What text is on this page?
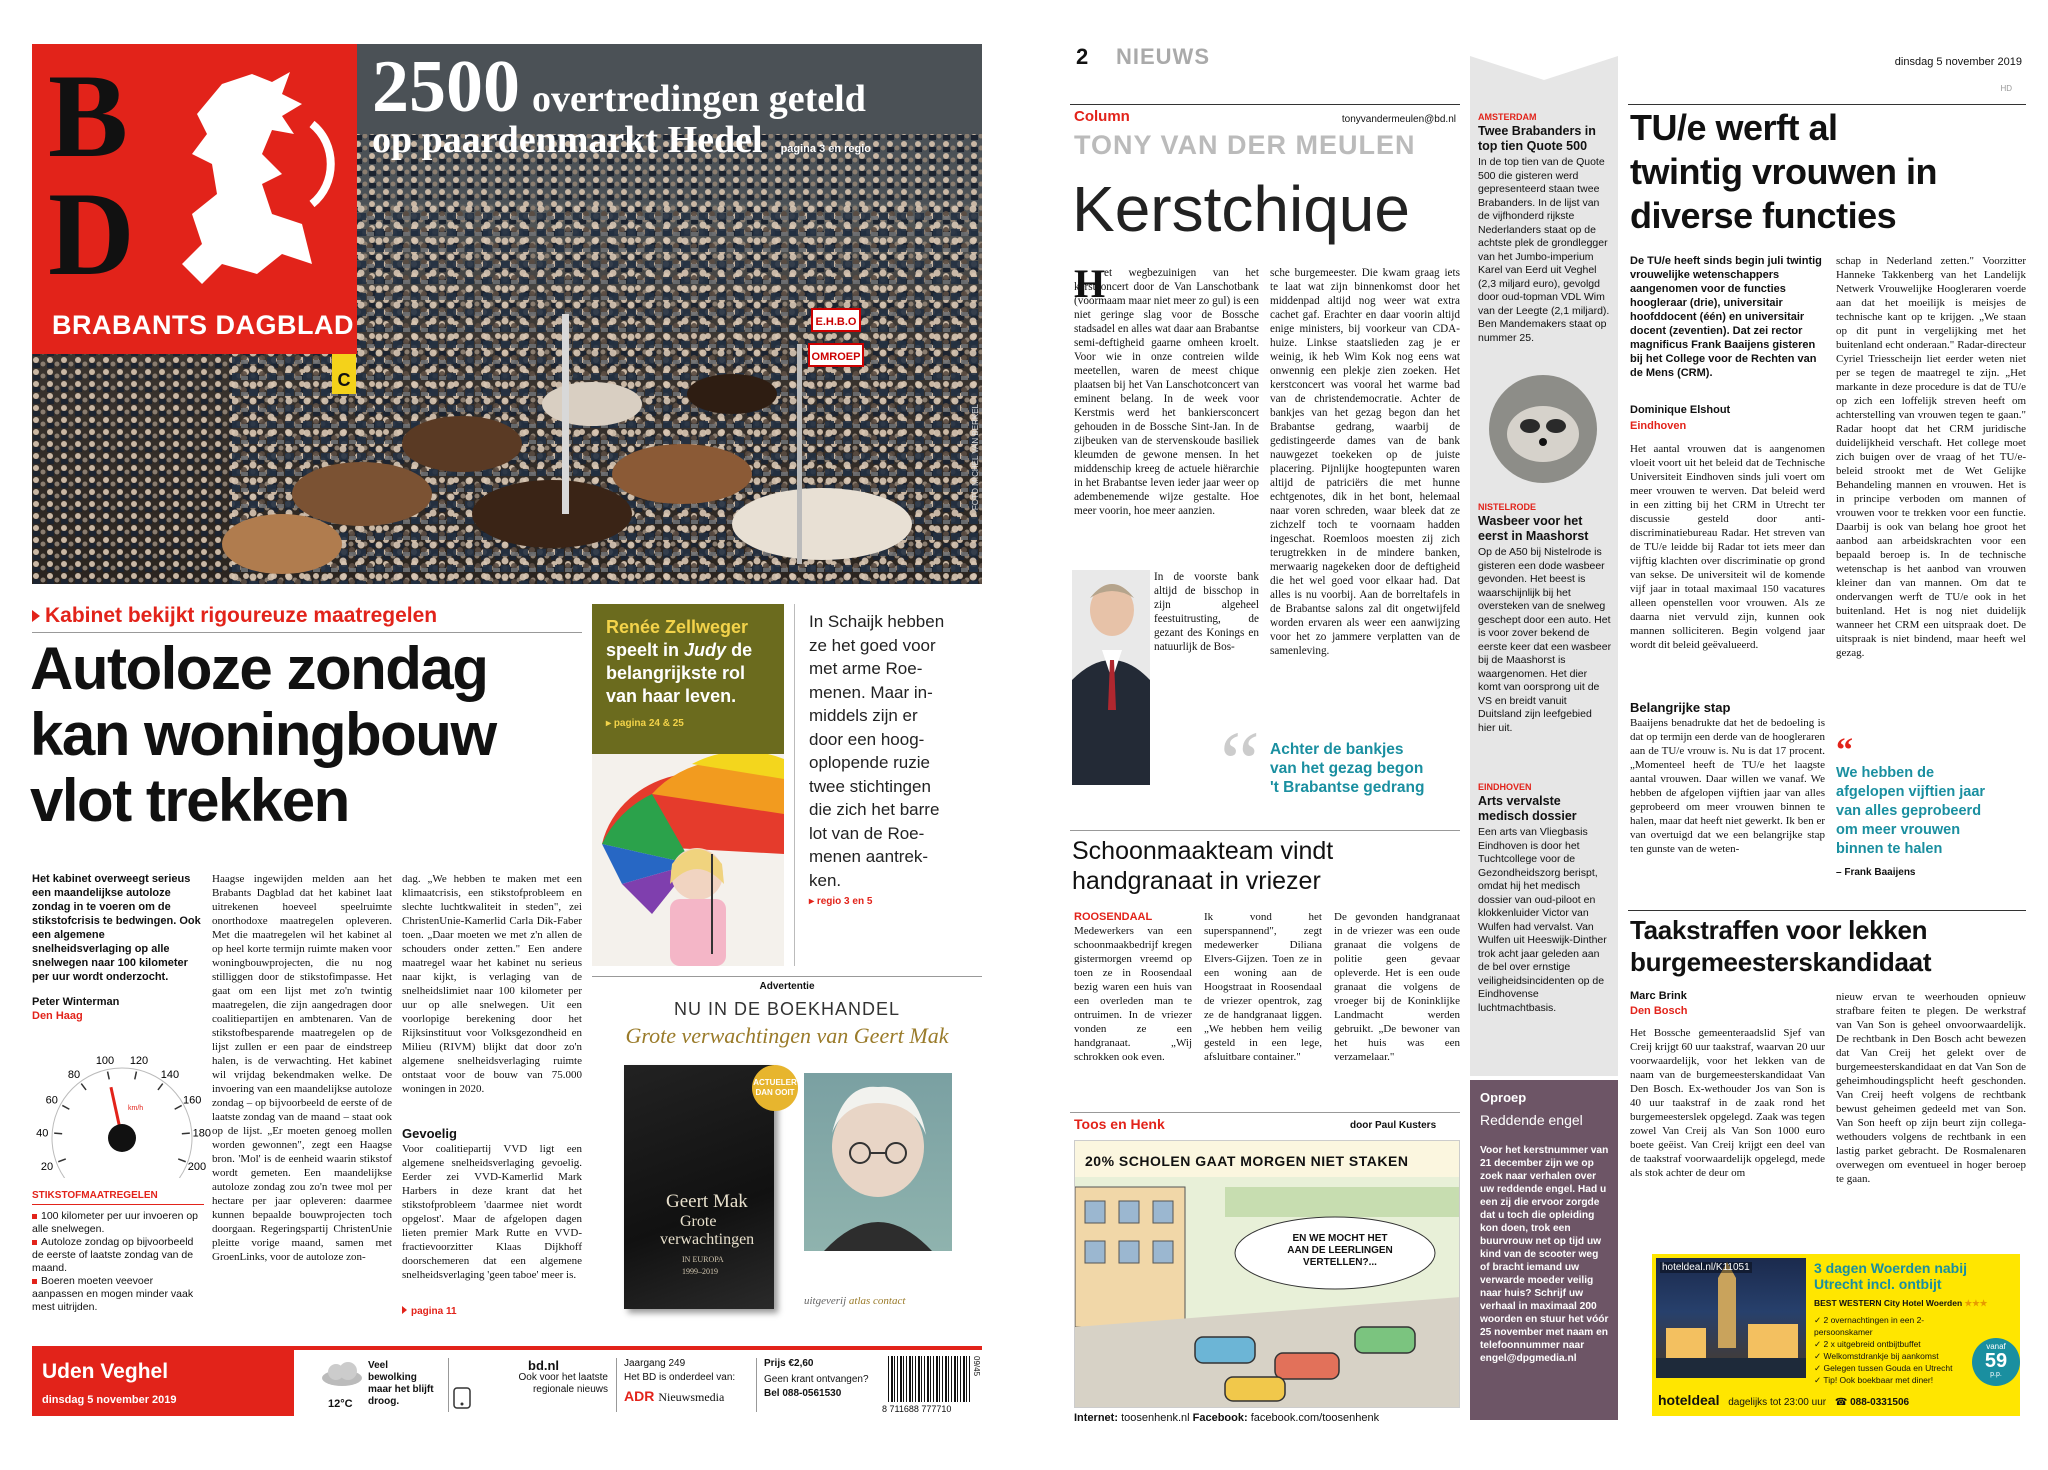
E.H.B.O
OMROEP
C
2500 overtredingen geteld
op paardenmarkt Hedel pagina 3 en regio
FOTO MICHEL VAN BERKEL
B
D
BRABANTS DAGBLAD
Kabinet bekijkt rigoureuze maatregelen
Autoloze zondag
kan woningbouw
vlot trekken
Het kabinet overweegt serieus een maandelijkse autoloze zondag in te voeren om de stikstofcrisis te bedwingen. Ook een algemene snelheidsverlaging op alle snelwegen naar 100 kilometer per uur wordt onderzocht.
Peter Winterman
Den Haag
20
40
60
80
100 120
140
160
180
200
km/h
STIKSTOFMAATREGELEN
100 kilometer per uur invoeren op alle snelwegen.
Autoloze zondag op bijvoorbeeld de eerste of laatste zondag van de maand.
Boeren moeten veevoer aanpassen en mogen minder vaak mest uitrijden.
Haagse ingewijden melden aan het Brabants Dagblad dat het kabinet laat uitrekenen hoeveel speelruimte onorthodoxe maatregelen opleveren. Met die maatregelen wil het kabinet al op heel korte termijn ruimte maken voor woningbouwprojecten, die nu nog stilliggen door de stikstofimpasse. Het gaat om een lijst met zo'n twintig maatregelen, die zijn aangedragen door coalitiepartijen en ambtenaren. Van de stikstofbesparende maatregelen op de lijst zullen er een paar de eindstreep halen, is de verwachting. Het kabinet wil vrijdag bekendmaken welke. De invoering van een maandelijkse autoloze zondag – op bijvoorbeeld de eerste of de laatste zondag van de maand – staat ook op de lijst. „Er moeten genoeg mollen worden gewonnen", zegt een Haagse bron. 'Mol' is de eenheid waarin stikstof wordt gemeten. Een maandelijkse autoloze zondag zou zo'n twee mol per hectare per jaar opleveren: daarmee kunnen bepaalde bouwprojecten toch doorgaan. Regeringspartij ChristenUnie pleitte vorige maand, samen met GroenLinks, voor de autoloze zon-
dag. „We hebben te maken met een klimaatcrisis, een stikstofprobleem en slechte luchtkwaliteit in steden", zei ChristenUnie-Kamerlid Carla Dik-Faber toen. „Daar moeten we met z'n allen de schouders onder zetten." Een andere maatregel waar het kabinet nu serieus naar kijkt, is verlaging van de snelheidslimiet naar 100 kilometer per uur op alle snelwegen. Uit een voorlopige berekening door het Rijksinstituut voor Volksgezondheid en Milieu (RIVM) blijkt dat door zo'n algemene snelheidsverlaging ruimte ontstaat voor de bouw van 75.000 woningen in 2020.
Gevoelig
Voor coalitiepartij VVD ligt een algemene snelheidsverlaging gevoelig. Eerder zei VVD-Kamerlid Mark Harbers in deze krant dat het stikstofprobleem 'daarmee niet wordt opgelost'. Maar de afgelopen dagen lieten premier Mark Rutte en VVD-fractievoorzitter Klaas Dijkhoff doorschemeren dat een algemene snelheidsverlaging 'geen taboe' meer is.
pagina 11
Renée Zellweger
speelt in Judy de
belangrijkste rol
van haar leven.
▸ pagina 24 & 25
In Schaijk hebben
ze het goed voor
met arme Roe-
menen. Maar in-
middels zijn er
door een hoog-
oplopende ruzie
twee stichtingen
die zich het barre
lot van de Roe-
menen aantrek-
ken.
▸ regio 3 en 5
Advertentie
NU IN DE BOEKHANDEL
Grote verwachtingen van Geert Mak
Geert Mak
Grote
verwachtingen
IN EUROPA
1999–2019
ACTUELER
DAN OOIT
uitgeverij atlas contact
Uden Veghel
dinsdag 5 november 2019	12°C
Veel bewolking maar het blijft droog.
bd.nl
Ook voor het laatste regionale nieuws
Jaargang 249
Het BD is onderdeel van:
ADR Nieuwsmedia
Prijs €2,60
Geen krant ontvangen?
Bel 088-0561530
8 711688 777710
09/45
2 NIEUWS	dinsdag 5 november 2019
HD
Column	tonyvandermeulen@bd.nl
TONY VAN DER MEULEN
Kerstchique
H
et wegbezuinigen van het kerstconcert door de Van Lanschotbank (voormaam maar niet meer zo gul) is een niet geringe slag voor de Bossche stadsadel en alles wat daar aan Brabantse semi-deftigheid gaarne omheen kroelt. Voor wie in onze contreien wilde meetellen, waren de meest chique plaatsen bij het Van Lanschotconcert van eminent belang. In de week voor Kerstmis werd het bankiersconcert gehouden in de Bossche Sint-Jan. In de zijbeuken van de stervenskoude basiliek kleumden de gewone mensen. In het middenschip kreeg de actuele hiërarchie in het Brabantse leven ieder jaar weer op adembenemende wijze gestalte. Hoe meer voorin, hoe meer aanzien.
In de voorste bank altijd de bisschop in zijn algeheel feestuitrusting, de gezant des Konings en natuurlijk de Bos-
sche burgemeester. Die kwam graag iets te laat wat zijn binnenkomst door het middenpad altijd nog weer wat extra cachet gaf. Erachter en daar voorin altijd enige ministers, bij voorkeur van CDA-huize. Linkse staatslieden zag je er weinig, ik heb Wim Kok nog eens wat onwennig een plekje zien zoeken. Het kerstconcert was vooral het warme bad van de christendemocratie. Achter de bankjes van het gezag begon dan het Brabantse gedrang, waarbij de gedistingeerde dames van de bank nauwgezet toekeken op de juiste placering. Pijnlijke hoogtepunten waren altijd de patriciërs die met hunne echtgenotes, dik in het bont, helemaal naar voren schreden, waar bleek dat ze zichzelf toch te voornaam hadden ingeschat. Roemloos moesten zij zich terugtrekken in de mindere banken, merwaarig nagekeken door de deftigheid die het wel goed voor elkaar had. Dat alles is nu voorbij. Aan de borreltafels in de Brabantse salons zal dit ongetwijfeld worden ervaren als weer een aanwijzing voor het zo jammere verplatten van de samenleving.
“ Achter de bankjes
van het gezag begon
't Brabantse gedrang
Schoonmaakteam vindt
handgranaat in vriezer
ROOSENDAAL Medewerkers van een schoonmaakbedrijf kregen gistermorgen vreemd op toen ze in Roosendaal bezig waren een huis van een overleden man te ontruimen. In de vriezer vonden ze een handgranaat. „Wij schrokken ook even.
Ik vond het superspannend", zegt medewerker Diliana Elvers-Gijzen. Toen ze in een woning aan de Hoogstraat in Roosendaal de vriezer opentrok, zag ze de handgranaat liggen. „We hebben hem veilig gesteld in een lege, afsluitbare container."
De gevonden handgranaat in de vriezer was een oude granaat die volgens de politie geen gevaar opleverde. Het is een oude granaat die volgens de vroeger bij de Koninklijke Landmacht werden gebruikt. „De bewoner van het huis was een verzamelaar."
Toos en Henk	door Paul Kusters
20% SCHOLEN GAAT MORGEN NIET STAKEN
EN WE MOCHT HET
AAN DE LEERLINGEN
VERTELLEN?...
Internet: toosenhenk.nl Facebook: facebook.com/toosenhenk
AMSTERDAM
Twee Brabanders in top tien Quote 500
In de top tien van de Quote 500 die gisteren werd gepresenteerd staan twee Brabanders. In de lijst van de vijfhonderd rijkste Nederlanders staat op de achtste plek de grondlegger van het Jumbo-imperium Karel van Eerd uit Veghel (2,3 miljard euro), gevolgd door oud-topman VDL Wim van der Leegte (2,1 miljard). Ben Mandemakers staat op nummer 25.
NISTELRODE
Wasbeer voor het eerst in Maashorst
Op de A50 bij Nistelrode is gisteren een dode wasbeer gevonden. Het beest is waarschijnlijk bij het oversteken van de snelweg geschept door een auto. Het is voor zover bekend de eerste keer dat een wasbeer bij de Maashorst is waargenomen. Het dier komt van oorsprong uit de VS en breidt vanuit Duitsland zijn leefgebied hier uit.
EINDHOVEN
Arts vervalste medisch dossier
Een arts van Vliegbasis Eindhoven is door het Tuchtcollege voor de Gezondheidszorg berispt, omdat hij het medisch dossier van oud-piloot en klokkenluider Victor van Wulfen had vervalst. Van Wulfen uit Heeswijk-Dinther trok acht jaar geleden aan de bel over ernstige veiligheidsincidenten op de Eindhovense luchtmachtbasis.
Oproep
Reddende engel
Voor het kerstnummer van 21 december zijn we op zoek naar verhalen over uw reddende engel. Had u een zij die ervoor zorgde dat u toch die opleiding kon doen, trok een buurvrouw net op tijd uw kind van de scooter weg of bracht iemand uw verwarde moeder veilig naar huis? Schrijf uw verhaal in maximaal 200 woorden en stuur het vóór 25 november met naam en telefoonnummer naar engel@dpgmedia.nl
TU/e werft al
twintig vrouwen in
diverse functies
De TU/e heeft sinds begin juli twintig vrouwelijke wetenschappers aangenomen voor de functies hoogleraar (drie), universitair hoofddocent (één) en universitair docent (zeventien). Dat zei rector magnificus Frank Baaijens gisteren bij het College voor de Rechten van de Mens (CRM).
Dominique Elshout
Eindhoven
Het aantal vrouwen dat is aangenomen vloeit voort uit het beleid dat de Technische Universiteit Eindhoven sinds juli voert om meer vrouwen te werven. Dat beleid werd in een zitting bij het CRM in Utrecht ter discussie gesteld door anti-discriminatiebureau Radar. Het streven van de TU/e leidde bij Radar tot iets meer dan vijftig klachten over discriminatie op grond van sekse. De universiteit wil de komende vijf jaar in totaal maximaal 150 vacatures alleen openstellen voor vrouwen. Als ze daarna niet vervuld zijn, kunnen ook mannen solliciteren. Begin volgend jaar wordt dit beleid geëvalueerd.
Belangrijke stap
Baaijens benadrukte dat het de bedoeling is dat op termijn een derde van de hoogleraren aan de TU/e vrouw is. Nu is dat 17 procent. „Momenteel heeft de TU/e het laagste aantal vrouwen. Daar willen we vanaf. We hebben de afgelopen vijftien jaar van alles geprobeerd om meer vrouwen binnen te halen, maar dat heeft niet gewerkt. Ik ben er van overtuigd dat we een belangrijke stap ten gunste van de weten-
schap in Nederland zetten." Voorzitter Hanneke Takkenberg van het Landelijk Netwerk Vrouwelijke Hoogleraren voerde aan dat het moeilijk is meisjes de technische kant op te krijgen. „We staan op dit punt in vergelijking met het buitenland echt onderaan." Radar-directeur Cyriel Triesscheijn liet eerder weten niet per se tegen de maatregel te zijn. „Het markante in deze procedure is dat de TU/e op zich een loffelijk streven heeft om achterstelling van vrouwen tegen te gaan." Radar hoopt dat het CRM juridische duidelijkheid verschaft. Het college moet zich buigen over de vraag of het TU/e-beleid strookt met de Wet Gelijke Behandeling mannen en vrouwen. Het is in principe verboden om mannen of vrouwen voor te trekken voor een functie. Daarbij is ook van belang hoe groot het aanbod aan arbeidskrachten voor een bepaald beroep is. In de technische wetenschap is het aanbod van vrouwen kleiner dan van mannen. Om dat te ondervangen werft de TU/e ook in het buitenland. Het is nog niet duidelijk wanneer het CRM een uitspraak doet. De uitspraak is niet bindend, maar heeft wel gezag.
“
We hebben de
afgelopen vijftien jaar
van alles geprobeerd
om meer vrouwen
binnen te halen
– Frank Baaijens
Taakstraffen voor lekken
burgemeesterskandidaat
Marc Brink
Den Bosch
Het Bossche gemeenteraadslid Sjef van Creij krijgt 60 uur taakstraf, waarvan 20 uur voorwaardelijk, voor het lekken van de naam van de burgemeesterskandidaat Van Den Bosch. Ex-wethouder Jos van Son is 40 uur taakstraf in de zaak rond het burgemeesterslek opgelegd. Zaak was tegen zowel Van Creij als Van Son 1000 euro boete geëist. Van Creij krijgt een deel van de taakstraf voorwaardelijk opgelegd, mede als stok achter de deur om
nieuw ervan te weerhouden opnieuw strafbare feiten te plegen. De werkstraf van Van Son is geheel onvoorwaardelijk. De rechtbank in Den Bosch acht bewezen dat Van Creij het gelekt over de burgemeesterskandidaat en dat Van Son de geheimhoudingsplicht heeft geschonden. Van Creij heeft volgens de rechtbank bewust geheimen gedeeld met van Son. Van Son heeft op zijn beurt zijn collega-wethouders volgens de rechtbank in een lastig parket gebracht. De Rosmalenaren overwegen om eventueel in hoger beroep te gaan.
hoteldeal.nl/K11051	3 dagen Woerden nabij
Utrecht incl. ontbijt
BEST WESTERN City Hotel Woerden ★★★
✓ 2 overnachtingen in een 2-persoonskamer
✓ 2 x uitgebreid ontbijtbuffet
✓ Welkomstdrankje bij aankomst
✓ Gelegen tussen Gouda en Utrecht
✓ Tip! Ook boekbaar met diner!
vanaf
59
p.p.
hoteldeal dagelijks tot 23:00 uur ☎ 088-0331506
